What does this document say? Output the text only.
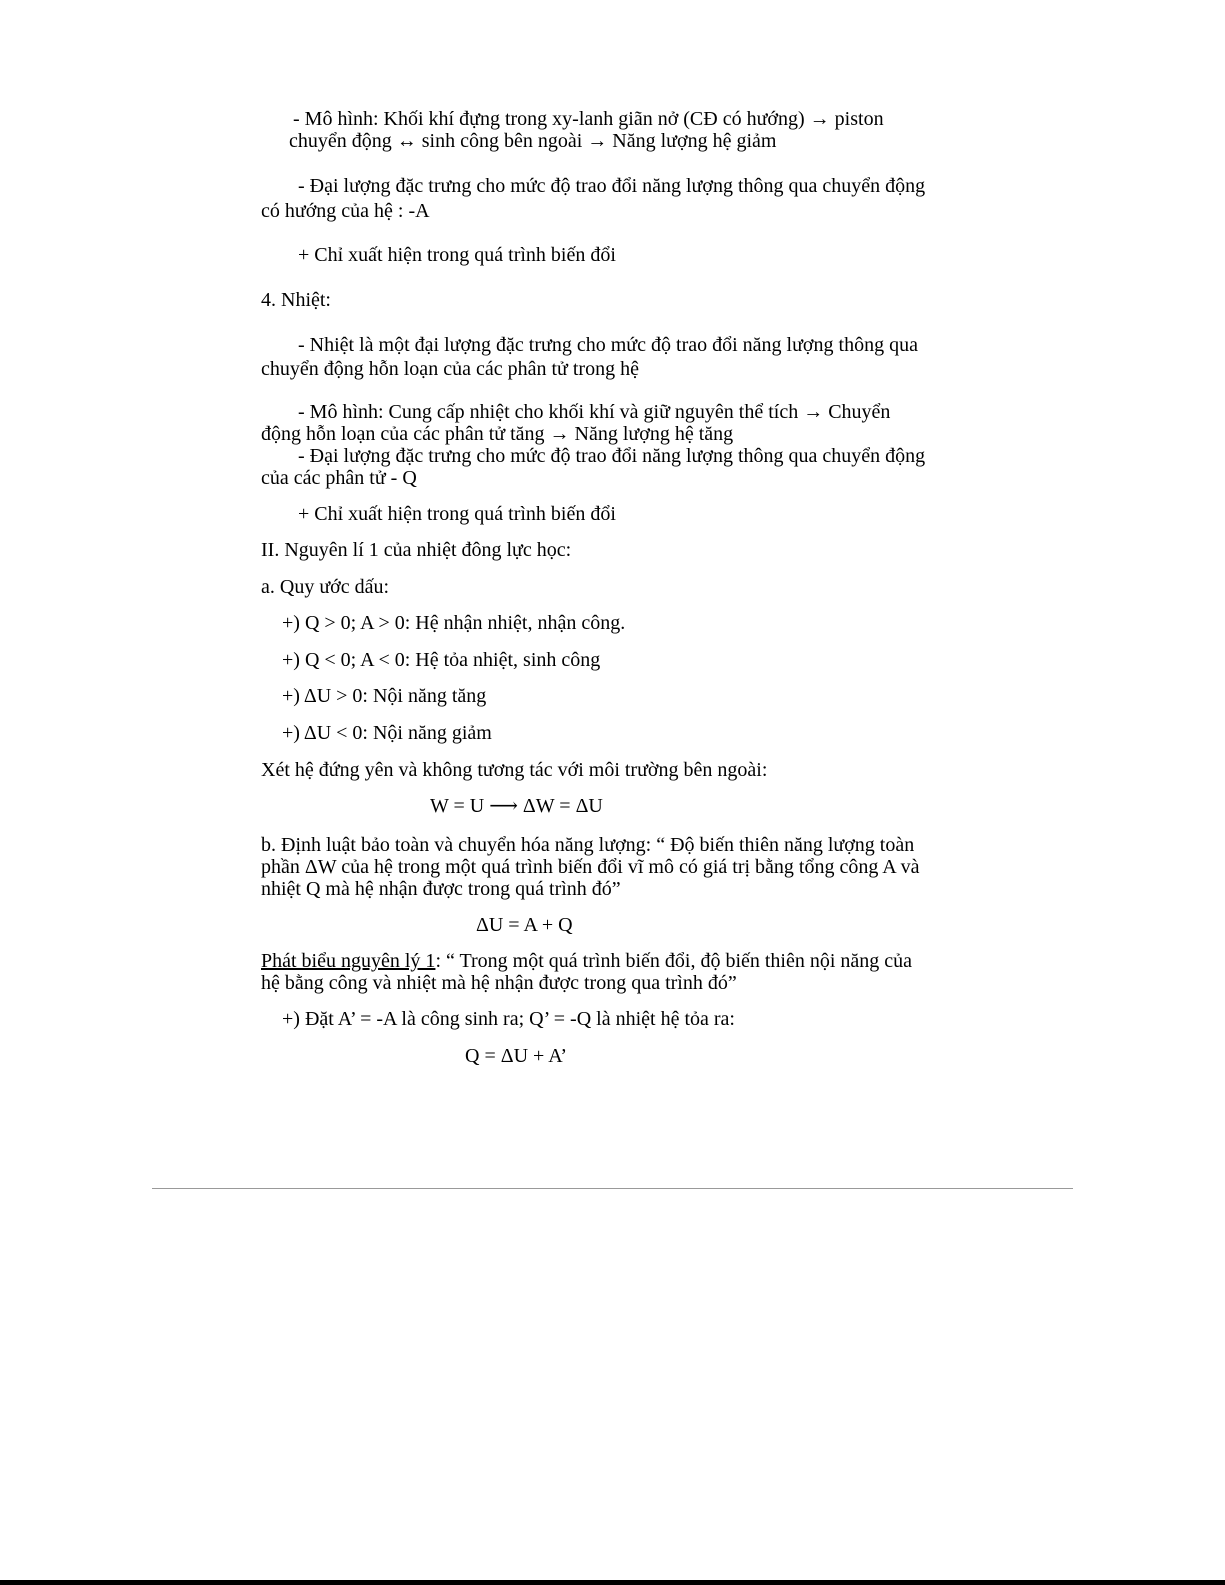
- Mô hình: Khối khí đựng trong xy-lanh giãn nở (CĐ có hướng) → piston
chuyển động ↔ sinh công bên ngoài → Năng lượng hệ giảm
- Đại lượng đặc trưng cho mức độ trao đổi năng lượng thông qua chuyển động
có hướng của hệ : -A
+ Chỉ xuất hiện trong quá trình biến đổi
4. Nhiệt:
- Nhiệt là một đại lượng đặc trưng cho mức độ trao đổi năng lượng thông qua
chuyển động hỗn loạn của các phân tử trong hệ
- Mô hình: Cung cấp nhiệt cho khối khí và giữ nguyên thể tích → Chuyển
động hỗn loạn của các phân tử tăng → Năng lượng hệ tăng
- Đại lượng đặc trưng cho mức độ trao đổi năng lượng thông qua chuyển động
của các phân tử - Q
+ Chỉ xuất hiện trong quá trình biến đổi
II. Nguyên lí 1 của nhiệt đông lực học:
a. Quy ước dấu:
+) Q > 0; A > 0: Hệ nhận nhiệt, nhận công.
+) Q < 0; A < 0: Hệ tỏa nhiệt, sinh công
+) ΔU > 0: Nội năng tăng
+) ΔU < 0: Nội năng giảm
Xét hệ đứng yên và không tương tác với môi trường bên ngoài:
W = U ⟶ ΔW = ΔU
b. Định luật bảo toàn và chuyển hóa năng lượng: “ Độ biến thiên năng lượng toàn
phần ΔW của hệ trong một quá trình biến đổi vĩ mô có giá trị bằng tổng công A và
nhiệt Q mà hệ nhận được trong quá trình đó”
ΔU = A + Q
Phát biểu nguyên lý 1: “ Trong một quá trình biến đổi, độ biến thiên nội năng của
hệ bằng công và nhiệt mà hệ nhận được trong qua trình đó”
+) Đặt A’ = -A là công sinh ra; Q’ = -Q là nhiệt hệ tỏa ra:
Q = ΔU + A’
